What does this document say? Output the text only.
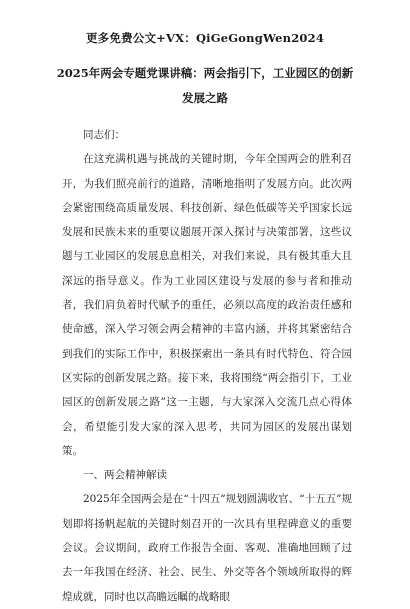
更多免费公文+VX：QiGeGongWen2024
2025年两会专题党课讲稿：两会指引下，工业园区的创新发展之路

同志们：

在这充满机遇与挑战的关键时期，今年全国两会的胜利召开，为我们照亮前行的道路，清晰地指明了发展方向。此次两会紧密围绕高质量发展、科技创新、绿色低碳等关乎国家长远发展和民族未来的重要议题展开深入探讨与决策部署，这些议题与工业园区的发展息息相关，对我们来说，具有极其重大且深远的指导意义。作为工业园区建设与发展的参与者和推动者，我们肩负着时代赋予的重任，必须以高度的政治责任感和使命感，深入学习领会两会精神的丰富内涵，并将其紧密结合到我们的实际工作中，积极探索出一条具有时代特色、符合园区实际的创新发展之路。接下来，我将围绕“两会指引下，工业园区的创新发展之路”这一主题，与大家深入交流几点心得体会，希望能引发大家的深入思考，共同为园区的发展出谋划策。

一、两会精神解读

2025年全国两会是在“十四五”规划圆满收官、“十五五”规划即将扬帆起航的关键时刻召开的一次具有里程碑意义的重要会议。会议期间，政府工作报告全面、客观、准确地回顾了过去一年我国在经济、社会、民生、外交等各个领域所取得的辉煌成就，同时也以高瞻远瞩的战略眼
